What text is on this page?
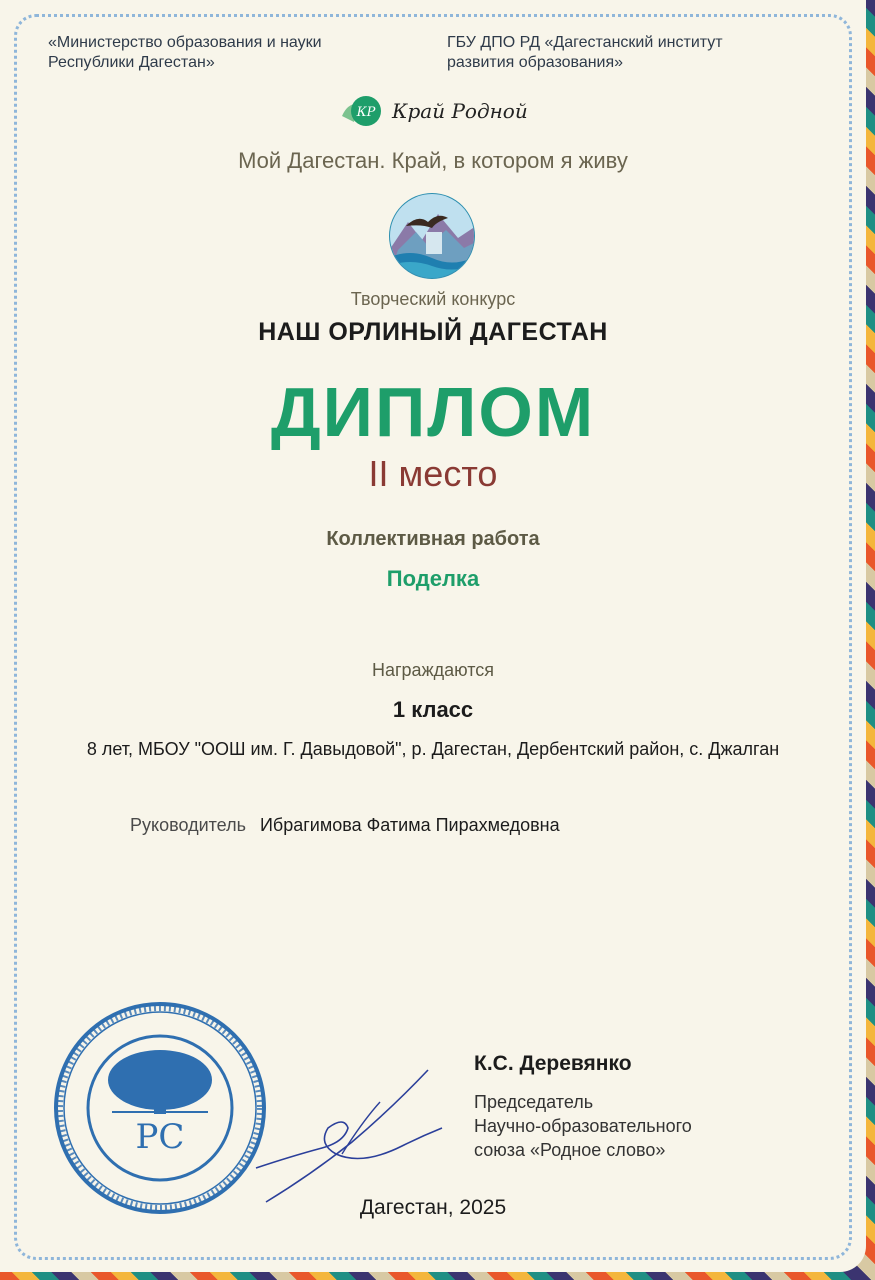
«Министерство образования и науки
Республики Дагестан»
ГБУ ДПО РД «Дагестанский институт
развития образования»
КР Край Родной
Мой Дагестан. Край, в котором я живу
Творческий конкурс
НАШ ОРЛИНЫЙ ДАГЕСТАН
ДИПЛОМ
II место
Коллективная работа
Поделка
Награждаются
1 класс
8 лет, МБОУ "ООШ им. Г. Давыдовой", р. Дагестан, Дербентский район, с. Джалган
Руководитель Ибрагимова Фатима Пирахмедовна
РС
К.С. Деревянко
Председатель
Научно-образовательного
союза «Родное слово»
Дагестан, 2025
